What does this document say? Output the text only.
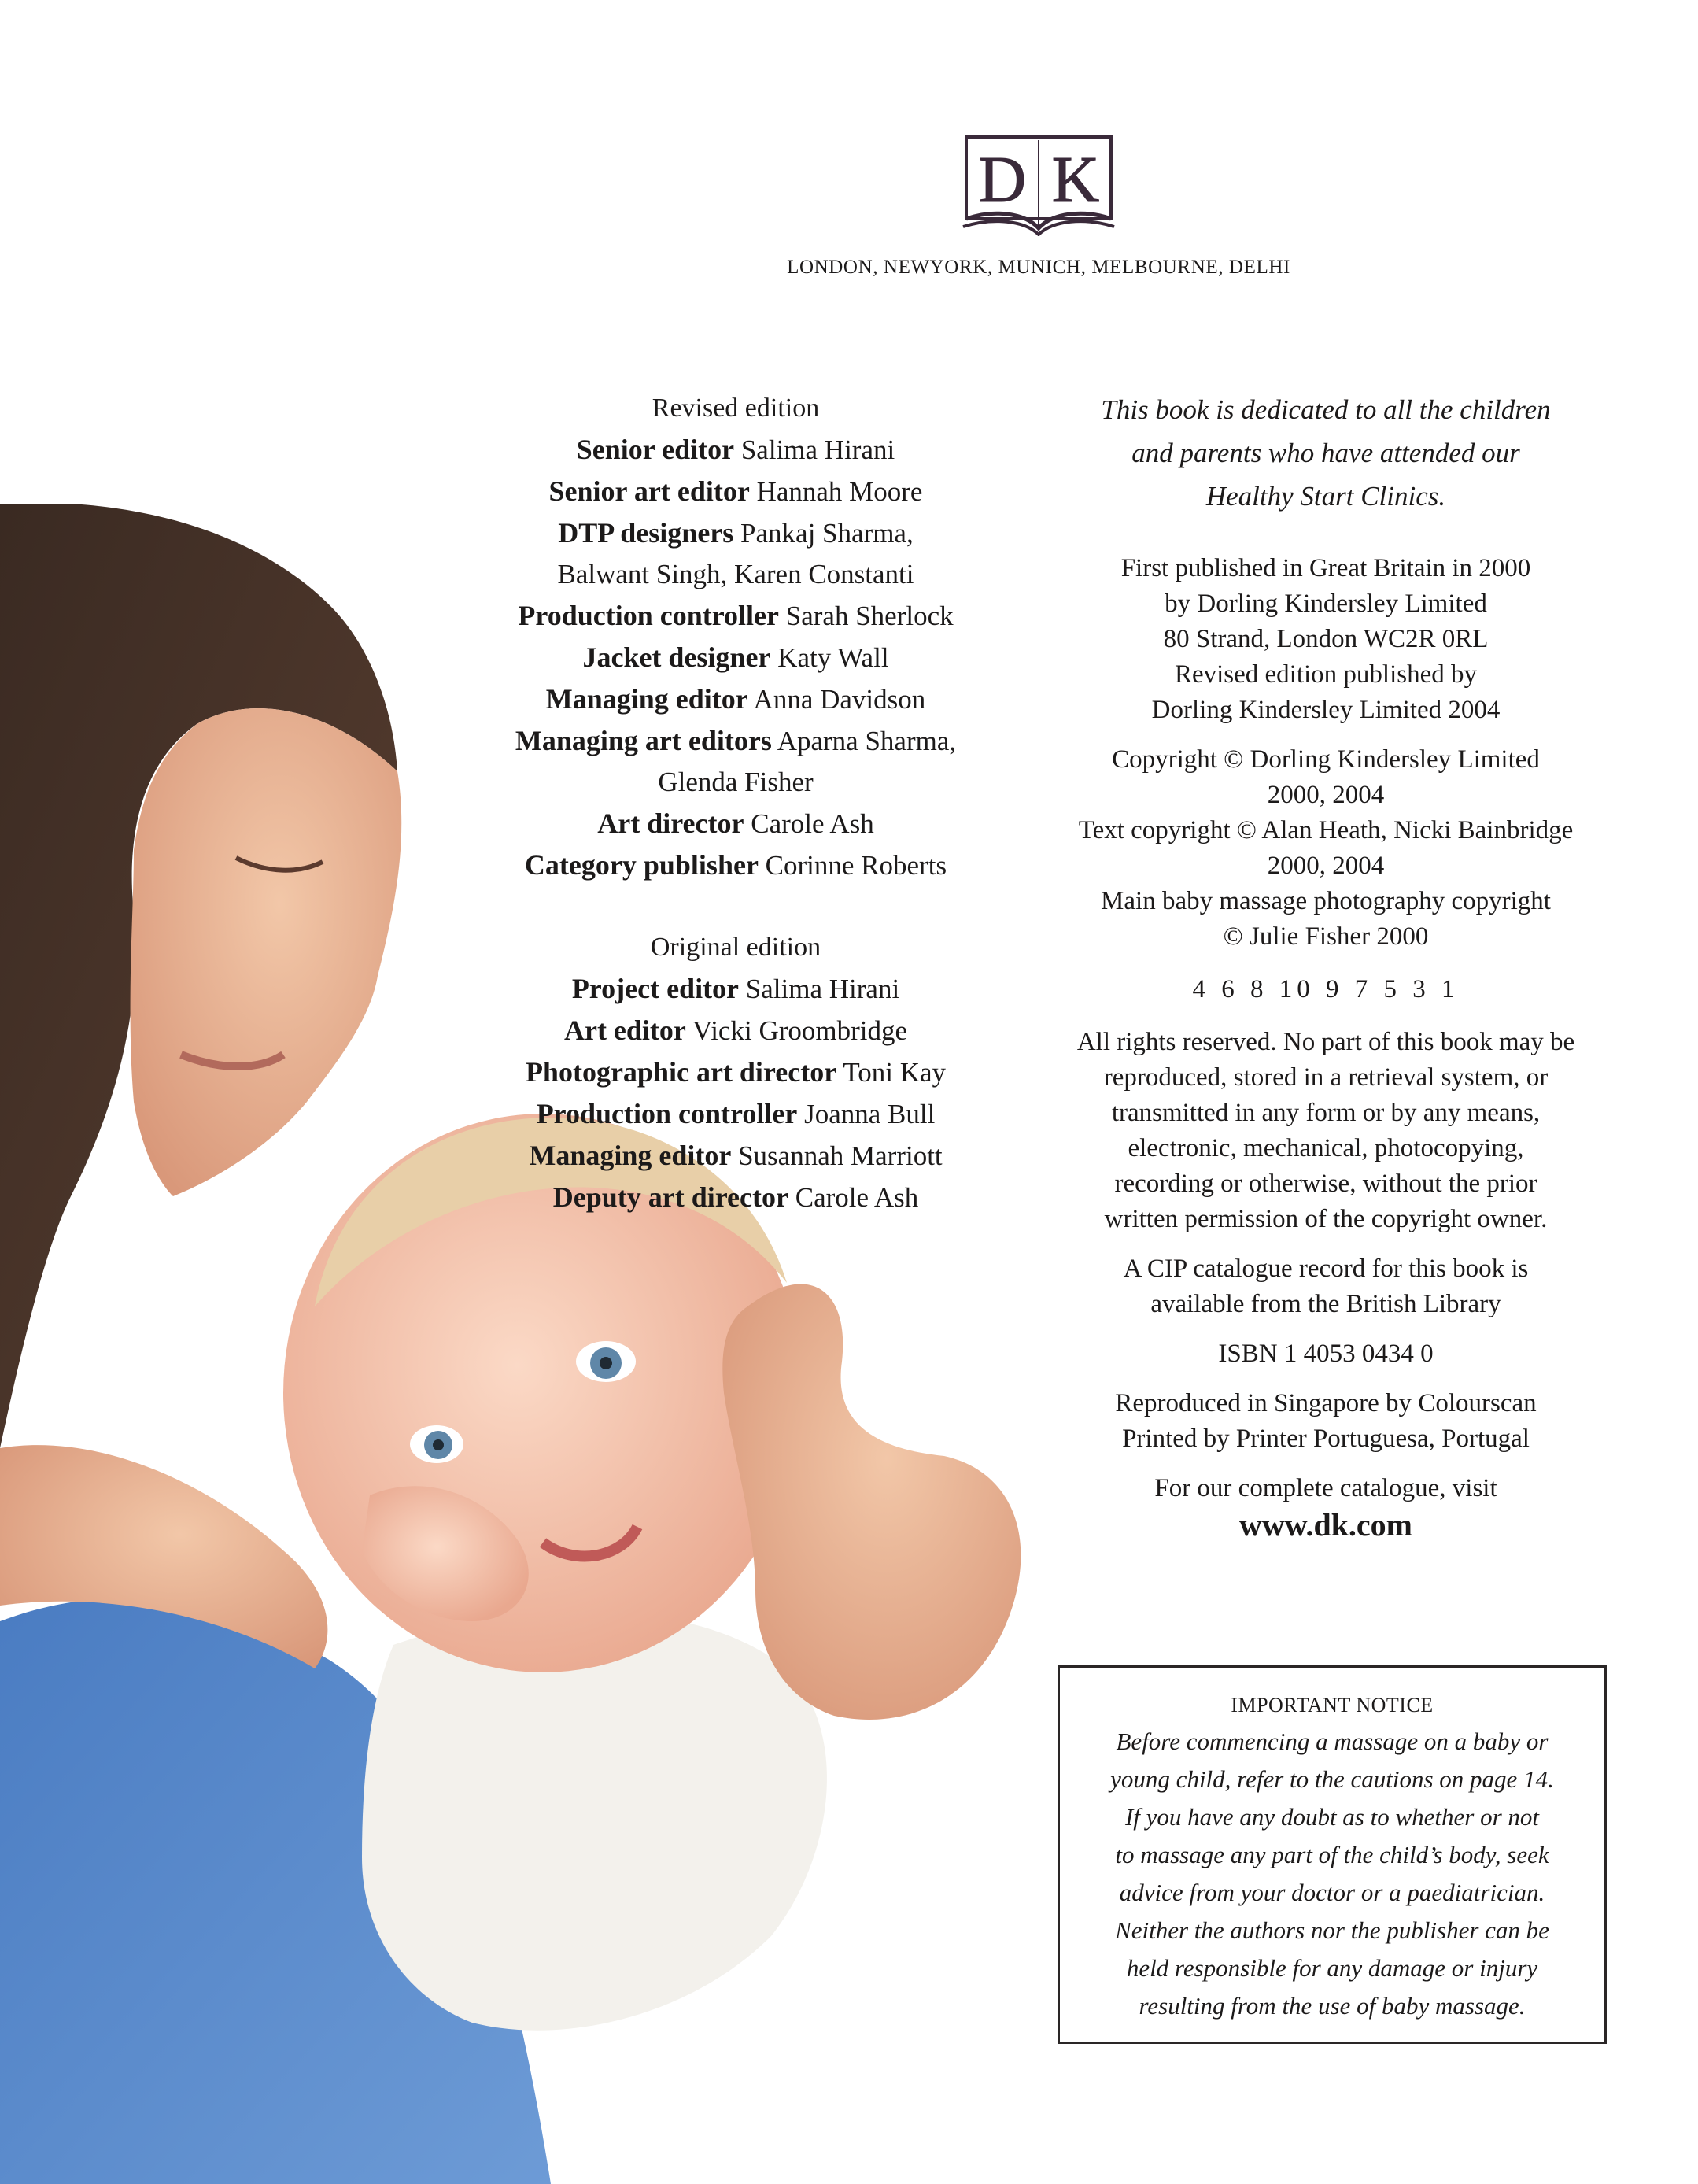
D K
LONDON, NEWYORK, MUNICH, MELBOURNE, DELHI
Revised edition
Senior editor Salima Hirani
Senior art editor Hannah Moore
DTP designers Pankaj Sharma,
Balwant Singh, Karen Constanti
Production controller Sarah Sherlock
Jacket designer Katy Wall
Managing editor Anna Davidson
Managing art editors Aparna Sharma,
Glenda Fisher
Art director Carole Ash
Category publisher Corinne Roberts
Original edition
Project editor Salima Hirani
Art editor Vicki Groombridge
Photographic art director Toni Kay
Production controller Joanna Bull
Managing editor Susannah Marriott
Deputy art director Carole Ash
This book is dedicated to all the children
and parents who have attended our
Healthy Start Clinics.
First published in Great Britain in 2000
by Dorling Kindersley Limited
80 Strand, London WC2R 0RL
Revised edition published by
Dorling Kindersley Limited 2004
Copyright © Dorling Kindersley Limited
2000, 2004
Text copyright © Alan Heath, Nicki Bainbridge
2000, 2004
Main baby massage photography copyright
© Julie Fisher 2000
4 6 8 10 9 7 5 3 1
All rights reserved. No part of this book may be
reproduced, stored in a retrieval system, or
transmitted in any form or by any means,
electronic, mechanical, photocopying,
recording or otherwise, without the prior
written permission of the copyright owner.
A CIP catalogue record for this book is
available from the British Library
ISBN 1 4053 0434 0
Reproduced in Singapore by Colourscan
Printed by Printer Portuguesa, Portugal
For our complete catalogue, visit
www.dk.com
IMPORTANT NOTICE
Before commencing a massage on a baby or
young child, refer to the cautions on page 14.
If you have any doubt as to whether or not
to massage any part of the child’s body, seek
advice from your doctor or a paediatrician.
Neither the authors nor the publisher can be
held responsible for any damage or injury
resulting from the use of baby massage.
